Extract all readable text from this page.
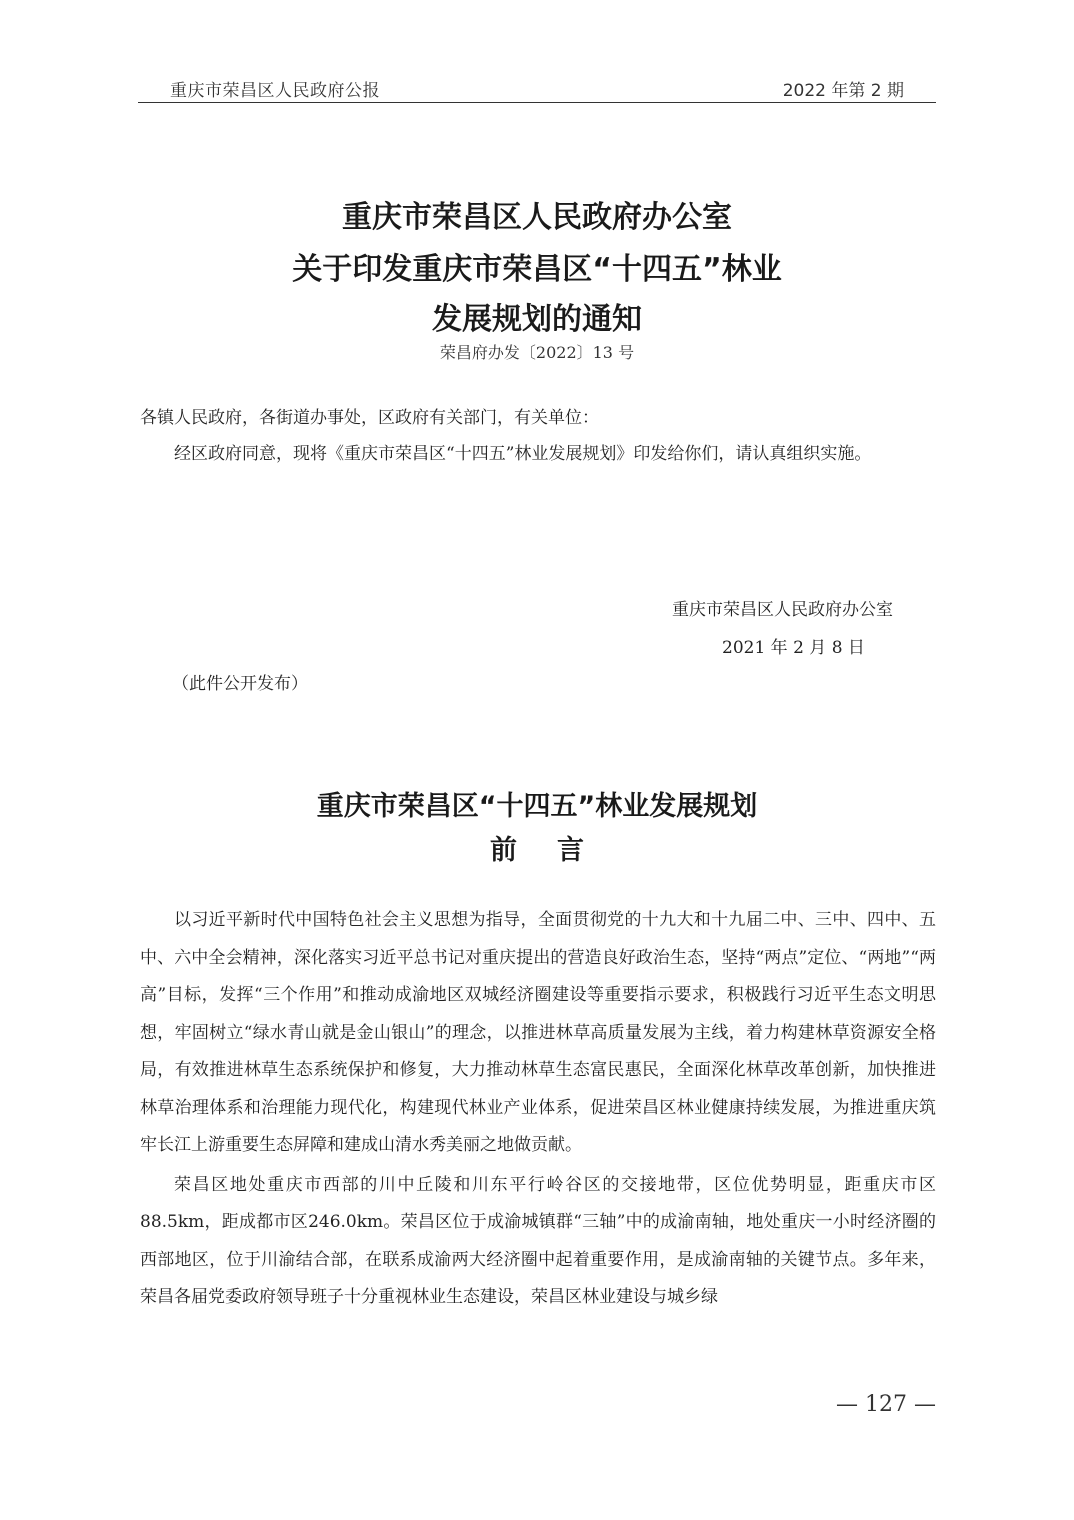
重庆市荣昌区人民政府公报	2022 年第 2 期
重庆市荣昌区人民政府办公室
关于印发重庆市荣昌区“十四五”林业
发展规划的通知
荣昌府办发〔2022〕13 号
各镇人民政府，各街道办事处，区政府有关部门，有关单位：
经区政府同意，现将《重庆市荣昌区“十四五”林业发展规划》印发给你们，请认真组织实施。
重庆市荣昌区人民政府办公室
2021 年 2 月 8 日
（此件公开发布）
重庆市荣昌区“十四五”林业发展规划
前言

以习近平新时代中国特色社会主义思想为指导，全面贯彻党的十九大和十九届二中、三中、四中、五中、六中全会精神，深化落实习近平总书记对重庆提出的营造良好政治生态，坚持“两点”定位、“两地”“两高”目标，发挥“三个作用”和推动成渝地区双城经济圈建设等重要指示要求，积极践行习近平生态文明思想，牢固树立“绿水青山就是金山银山”的理念，以推进林草高质量发展为主线，着力构建林草资源安全格局，有效推进林草生态系统保护和修复，大力推动林草生态富民惠民，全面深化林草改革创新，加快推进林草治理体系和治理能力现代化，构建现代林业产业体系，促进荣昌区林业健康持续发展，为推进重庆筑牢长江上游重要生态屏障和建成山清水秀美丽之地做贡献。

荣昌区地处重庆市西部的川中丘陵和川东平行岭谷区的交接地带，区位优势明显，距重庆市区88.5km，距成都市区246.0km。荣昌区位于成渝城镇群“三轴”中的成渝南轴，地处重庆一小时经济圈的西部地区，位于川渝结合部，在联系成渝两大经济圈中起着重要作用，是成渝南轴的关键节点。多年来，荣昌各届党委政府领导班子十分重视林业生态建设，荣昌区林业建设与城乡绿

— 127 —
